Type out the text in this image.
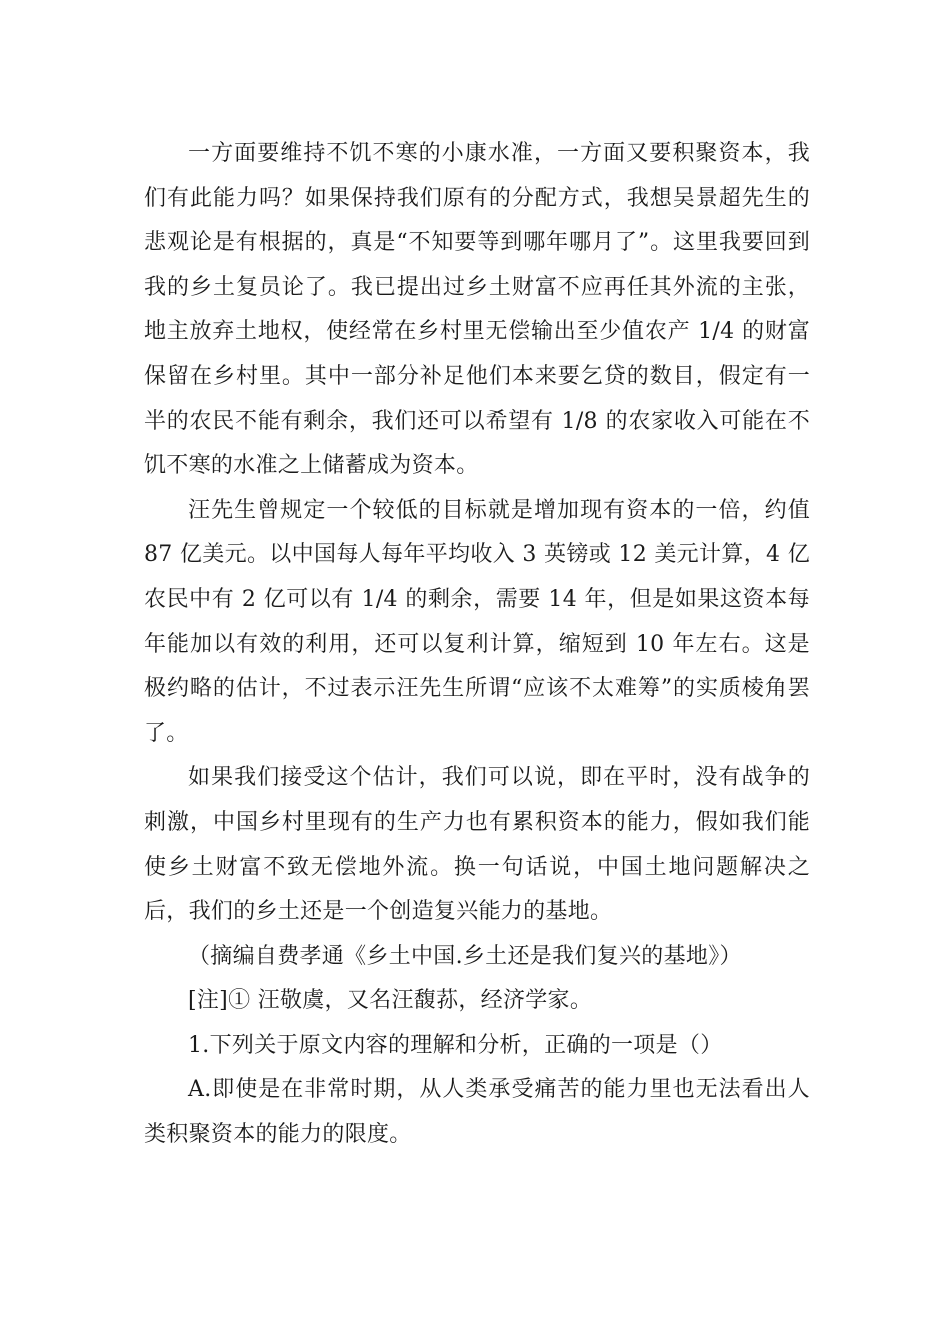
一方面要维持不饥不寒的小康水准，一方面又要积聚资本，我们有此能力吗？如果保持我们原有的分配方式，我想吴景超先生的悲观论是有根据的，真是“不知要等到哪年哪月了”。这里我要回到我的乡土复员论了。我已提出过乡土财富不应再任其外流的主张，地主放弃土地权，使经常在乡村里无偿输出至少值农产 1/4 的财富保留在乡村里。其中一部分补足他们本来要乞贷的数目，假定有一半的农民不能有剩余，我们还可以希望有 1/8 的农家收入可能在不饥不寒的水准之上储蓄成为资本。

汪先生曾规定一个较低的目标就是增加现有资本的一倍，约值 87 亿美元。以中国每人每年平均收入 3 英镑或 12 美元计算，4 亿农民中有 2 亿可以有 1/4 的剩余，需要 14 年，但是如果这资本每年能加以有效的利用，还可以复利计算，缩短到 10 年左右。这是极约略的估计，不过表示汪先生所谓“应该不太难筹”的实质棱角罢了。

如果我们接受这个估计，我们可以说，即在平时，没有战争的刺激，中国乡村里现有的生产力也有累积资本的能力，假如我们能使乡土财富不致无偿地外流。换一句话说，中国土地问题解决之后，我们的乡土还是一个创造复兴能力的基地。

（摘编自费孝通《乡土中国.乡土还是我们复兴的基地》）

[注]① 汪敬虞，又名汪馥荪，经济学家。

1.下列关于原文内容的理解和分析，正确的一项是（）

A.即使是在非常时期，从人类承受痛苦的能力里也无法看出人类积聚资本的能力的限度。
